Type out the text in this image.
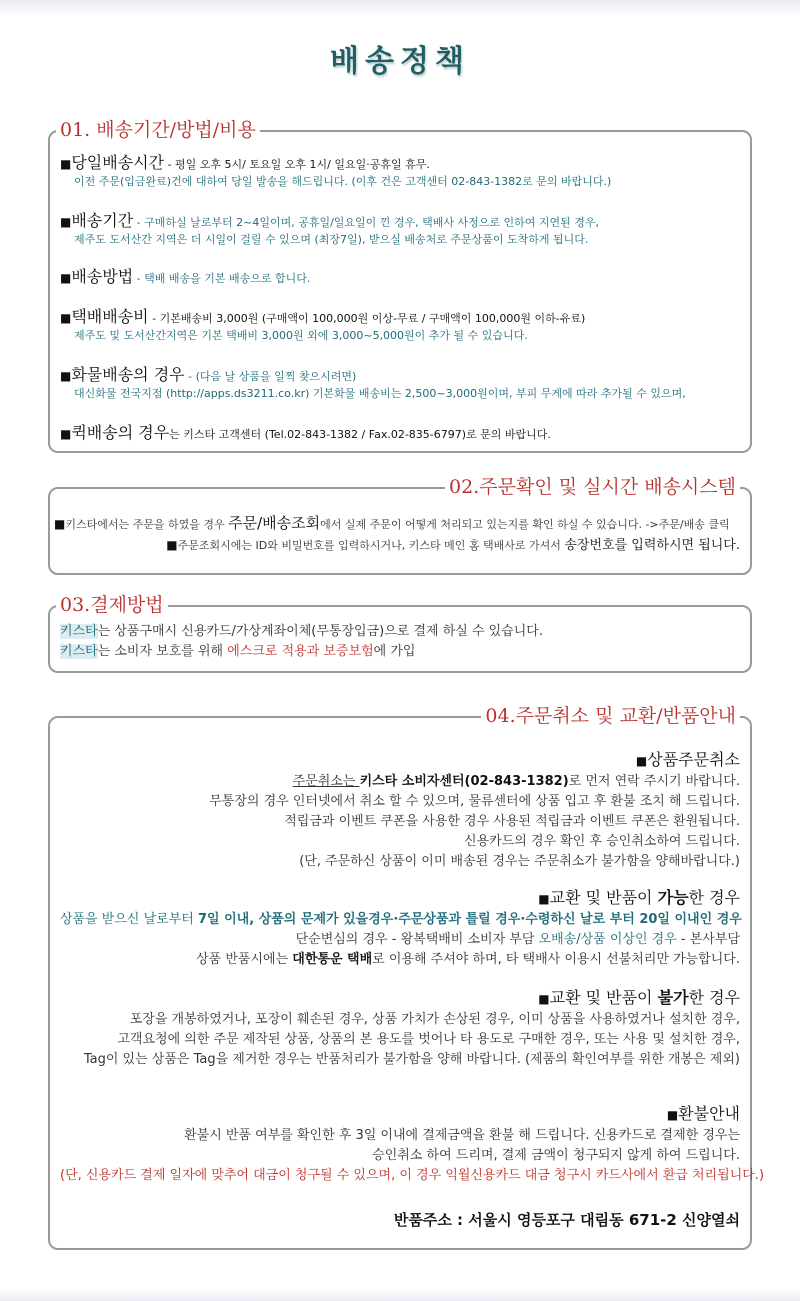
배송정책
01. 배송기간/방법/비용
■당일배송시간 - 평일 오후 5시/ 토요일 오후 1시/ 일요일·공휴일 휴무.
이전 주문(입금완료)건에 대하여 당일 발송을 해드립니다. (이후 건은 고객센터 02-843-1382로 문의 바랍니다.)
■배송기간 - 구매하실 날로부터 2~4일이며, 공휴일/일요일이 낀 경우, 택배사 사정으로 인하여 지연된 경우,
제주도 도서산간 지역은 더 시일이 걸릴 수 있으며 (최장7일), 받으실 배송처로 주문상품이 도착하게 됩니다.
■배송방법 - 택배 배송을 기본 배송으로 합니다.
■택배배송비 - 기본배송비 3,000원 (구매액이 100,000원 이상-무료 / 구매액이 100,000원 이하-유료)
제주도 및 도서산간지역은 기본 택배비 3,000원 외에 3,000~5,000원이 추가 될 수 있습니다.
■화물배송의 경우 - (다음 날 상품을 일찍 찾으시려면)
대신화물 전국지점 (http://apps.ds3211.co.kr) 기본화물 배송비는 2,500~3,000원이며, 부피 무게에 따라 추가될 수 있으며,
■퀵배송의 경우는 키스타 고객센터 (Tel.02-843-1382 / Fax.02-835-6797)로 문의 바랍니다.
02.주문확인 및 실시간 배송시스템
■키스타에서는 주문을 하였을 경우 주문/배송조회에서 실제 주문이 어떻게 처리되고 있는지를 확인 하실 수 있습니다. ->주문/배송 클릭
■주문조회시에는 ID와 비밀번호를 입력하시거나, 키스타 메인 홈 택배사로 가셔서 송장번호를 입력하시면 됩니다.
03.결제방법
키스타는 상품구매시 신용카드/가상계좌이체(무통장입금)으로 결제 하실 수 있습니다.
키스타는 소비자 보호를 위해 에스크로 적용과 보증보험에 가입
04.주문취소 및 교환/반품안내
■상품주문취소
주문취소는 키스타 소비자센터(02-843-1382)로 먼저 연락 주시기 바랍니다.
무통장의 경우 인터넷에서 취소 할 수 있으며, 물류센터에 상품 입고 후 환불 조치 해 드립니다.
적립금과 이벤트 쿠폰을 사용한 경우 사용된 적립금과 이벤트 쿠폰은 환원됩니다.
신용카드의 경우 확인 후 승인취소하여 드립니다.
(단, 주문하신 상품이 이미 배송된 경우는 주문취소가 불가함을 양해바랍니다.)
■교환 및 반품이 가능한 경우
상품을 받으신 날로부터 7일 이내, 상품의 문제가 있을경우·주문상품과 틀릴 경우·수령하신 날로 부터 20일 이내인 경우
단순변심의 경우 - 왕복택배비 소비자 부담 오배송/상품 이상인 경우 - 본사부담
상품 반품시에는 대한통운 택배로 이용해 주셔야 하며, 타 택배사 이용시 선불처리만 가능합니다.
■교환 및 반품이 불가한 경우
포장을 개봉하였거나, 포장이 훼손된 경우, 상품 가치가 손상된 경우, 이미 상품을 사용하였거나 설치한 경우,
고객요청에 의한 주문 제작된 상품, 상품의 본 용도를 벗어나 타 용도로 구매한 경우, 또는 사용 및 설치한 경우,
Tag이 있는 상품은 Tag을 제거한 경우는 반품처리가 불가함을 양해 바랍니다. (제품의 확인여부를 위한 개봉은 제외)
■환불안내
환불시 반품 여부를 확인한 후 3일 이내에 결제금액을 환불 해 드립니다. 신용카드로 결제한 경우는
승인취소 하여 드리며, 결제 금액이 청구되지 않게 하여 드립니다.
(단, 신용카드 결제 일자에 맞추어 대금이 청구될 수 있으며, 이 경우 익월신용카드 대금 청구시 카드사에서 환급 처리됩니다.)
반품주소 : 서울시 영등포구 대림동 671-2 신양열쇠
